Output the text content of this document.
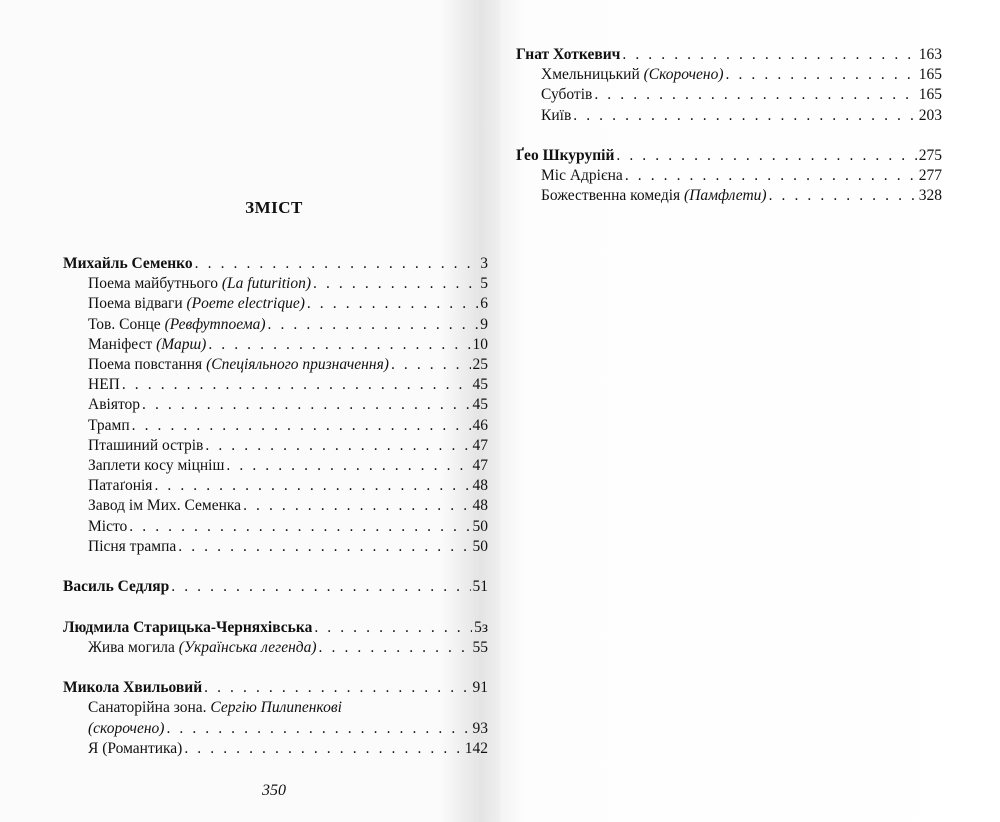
ЗМІСТ
Михайль Семенко . . .	3
Поема майбутнього (La futurition) . . .	5
Поема відваги (Poeme electrique) . . .	6
Тов. Сонце (Ревфутпоема) . . .	9
Маніфест (Марш) . . .	10
Поема повстання (Спеціяльного призначення) . . .	25
НЕП . . .	45
Авіятор . . .	45
Трамп . . .	46
Пташиний острів . . .	47
Заплети косу міцніш . . .	47
Патаґонія . . .	48
Завод ім Мих. Семенка . . .	48
Місто . . .	50
Пісня трампа . . .	50
Василь Седляр . . .	51
Людмила Старицька-Черняхівська . . .	5з
Жива могила (Українська легенда) . . .	55
Микола Хвильовий . . .	91
Санаторійна зона. Сергію Пилипенкові
(скорочено) . . .	93
Я (Романтика) . . .	142
Гнат Хоткевич . . .	163
Хмельницький (Скорочено) . . .	165
Суботів . . .	165
Київ . . .	203
Ґео Шкурупій . . .	275
Міс Адрієна . . .	277
Божественна комедія (Памфлети) . . .	328
350
